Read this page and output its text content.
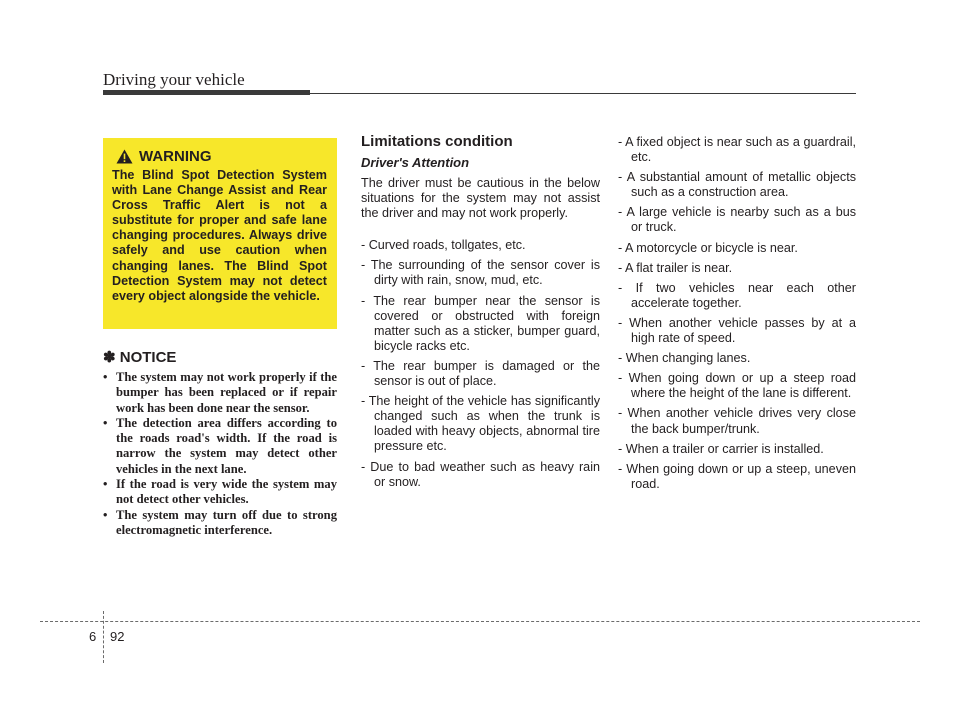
Driving your vehicle
WARNING
The Blind Spot Detection System with Lane Change Assist and Rear Cross Traffic Alert is not a substitute for proper and safe lane changing procedures. Always drive safely and use caution when changing lanes. The Blind Spot Detection System may not detect every object alongside the vehicle.
✽ NOTICE
• The system may not work properly if the bumper has been replaced or if repair work has been done near the sensor.
• The detection area differs according to the roads road's width. If the road is narrow the system may detect other vehicles in the next lane.
• If the road is very wide the system may not detect other vehicles.
• The system may turn off due to strong electromagnetic interference.
Limitations condition
Driver's Attention
The driver must be cautious in the below situations for the system may not assist the driver and may not work properly.
- Curved roads, tollgates, etc.
- The surrounding of the sensor cover is dirty with rain, snow, mud, etc.
- The rear bumper near the sensor is covered or obstructed with foreign matter such as a sticker, bumper guard, bicycle racks etc.
- The rear bumper is damaged or the sensor is out of place.
- The height of the vehicle has significantly changed such as when the trunk is loaded with heavy objects, abnormal tire pressure etc.
- Due to bad weather such as heavy rain or snow.
- A fixed object is near such as a guardrail, etc.
- A substantial amount of metallic objects such as a construction area.
- A large vehicle is nearby such as a bus or truck.
- A motorcycle or bicycle is near.
- A flat trailer is near.
- If two vehicles near each other accelerate together.
- When another vehicle passes by at a high rate of speed.
- When changing lanes.
- When going down or up a steep road where the height of the lane is different.
- When another vehicle drives very close the back bumper/trunk.
- When a trailer or carrier is installed.
- When going down or up a steep, uneven road.
6 92
